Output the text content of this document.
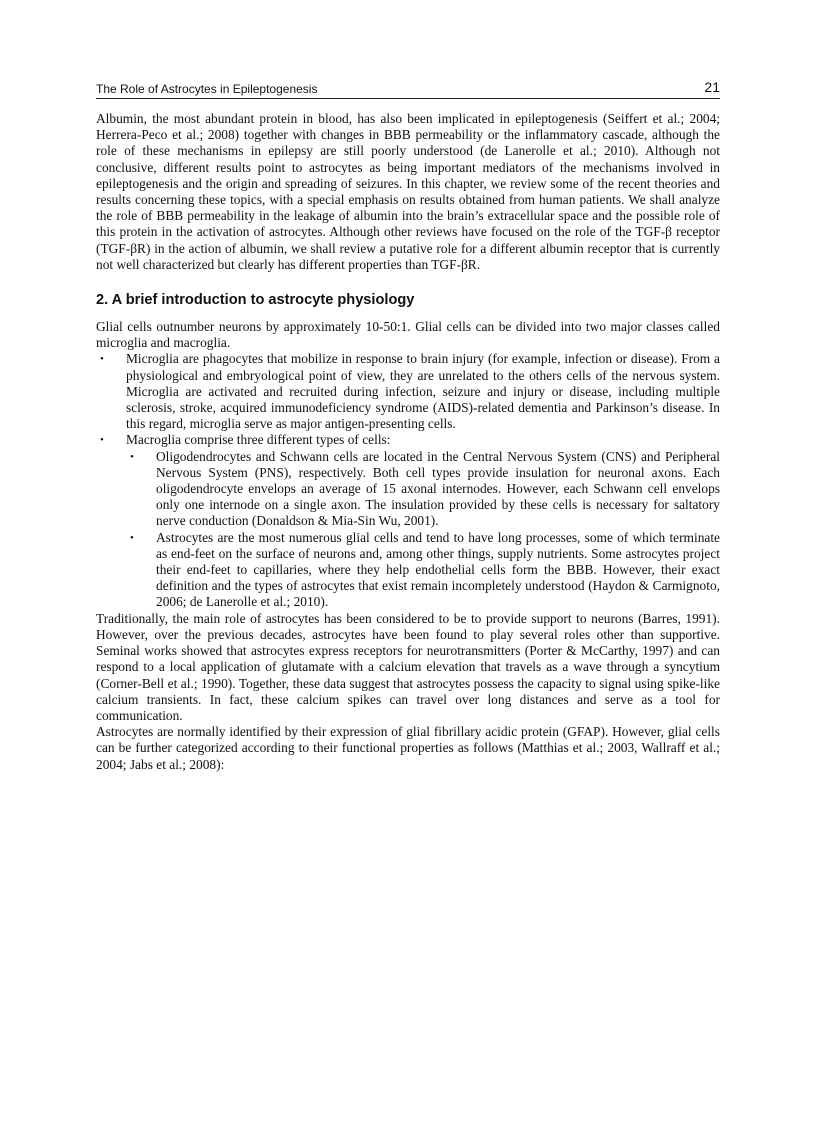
The Role of Astrocytes in Epileptogenesis	21

Albumin, the most abundant protein in blood, has also been implicated in epileptogenesis (Seiffert et al.; 2004; Herrera-Peco et al.; 2008) together with changes in BBB permeability or the inflammatory cascade, although the role of these mechanisms in epilepsy are still poorly understood (de Lanerolle et al.; 2010). Although not conclusive, different results point to astrocytes as being important mediators of the mechanisms involved in epileptogenesis and the origin and spreading of seizures. In this chapter, we review some of the recent theories and results concerning these topics, with a special emphasis on results obtained from human patients. We shall analyze the role of BBB permeability in the leakage of albumin into the brain’s extracellular space and the possible role of this protein in the activation of astrocytes. Although other reviews have focused on the role of the TGF-β receptor (TGF-βR) in the action of albumin, we shall review a putative role for a different albumin receptor that is currently not well characterized but clearly has different properties than TGF-βR.

2. A brief introduction to astrocyte physiology

Glial cells outnumber neurons by approximately 10-50:1. Glial cells can be divided into two major classes called microglia and macroglia.

• Microglia are phagocytes that mobilize in response to brain injury (for example, infection or disease). From a physiological and embryological point of view, they are unrelated to the others cells of the nervous system. Microglia are activated and recruited during infection, seizure and injury or disease, including multiple sclerosis, stroke, acquired immunodeficiency syndrome (AIDS)-related dementia and Parkinson’s disease. In this regard, microglia serve as major antigen-presenting cells.
• Macroglia comprise three different types of cells:
• Oligodendrocytes and Schwann cells are located in the Central Nervous System (CNS) and Peripheral Nervous System (PNS), respectively. Both cell types provide insulation for neuronal axons. Each oligodendrocyte envelops an average of 15 axonal internodes. However, each Schwann cell envelops only one internode on a single axon. The insulation provided by these cells is necessary for saltatory nerve conduction (Donaldson & Mia-Sin Wu, 2001).
• Astrocytes are the most numerous glial cells and tend to have long processes, some of which terminate as end-feet on the surface of neurons and, among other things, supply nutrients. Some astrocytes project their end-feet to capillaries, where they help endothelial cells form the BBB. However, their exact definition and the types of astrocytes that exist remain incompletely understood (Haydon & Carmignoto, 2006; de Lanerolle et al.; 2010).

Traditionally, the main role of astrocytes has been considered to be to provide support to neurons (Barres, 1991). However, over the previous decades, astrocytes have been found to play several roles other than supportive. Seminal works showed that astrocytes express receptors for neurotransmitters (Porter & McCarthy, 1997) and can respond to a local application of glutamate with a calcium elevation that travels as a wave through a syncytium (Corner-Bell et al.; 1990). Together, these data suggest that astrocytes possess the capacity to signal using spike-like calcium transients. In fact, these calcium spikes can travel over long distances and serve as a tool for communication.

Astrocytes are normally identified by their expression of glial fibrillary acidic protein (GFAP). However, glial cells can be further categorized according to their functional properties as follows (Matthias et al.; 2003, Wallraff et al.; 2004; Jabs et al.; 2008):
